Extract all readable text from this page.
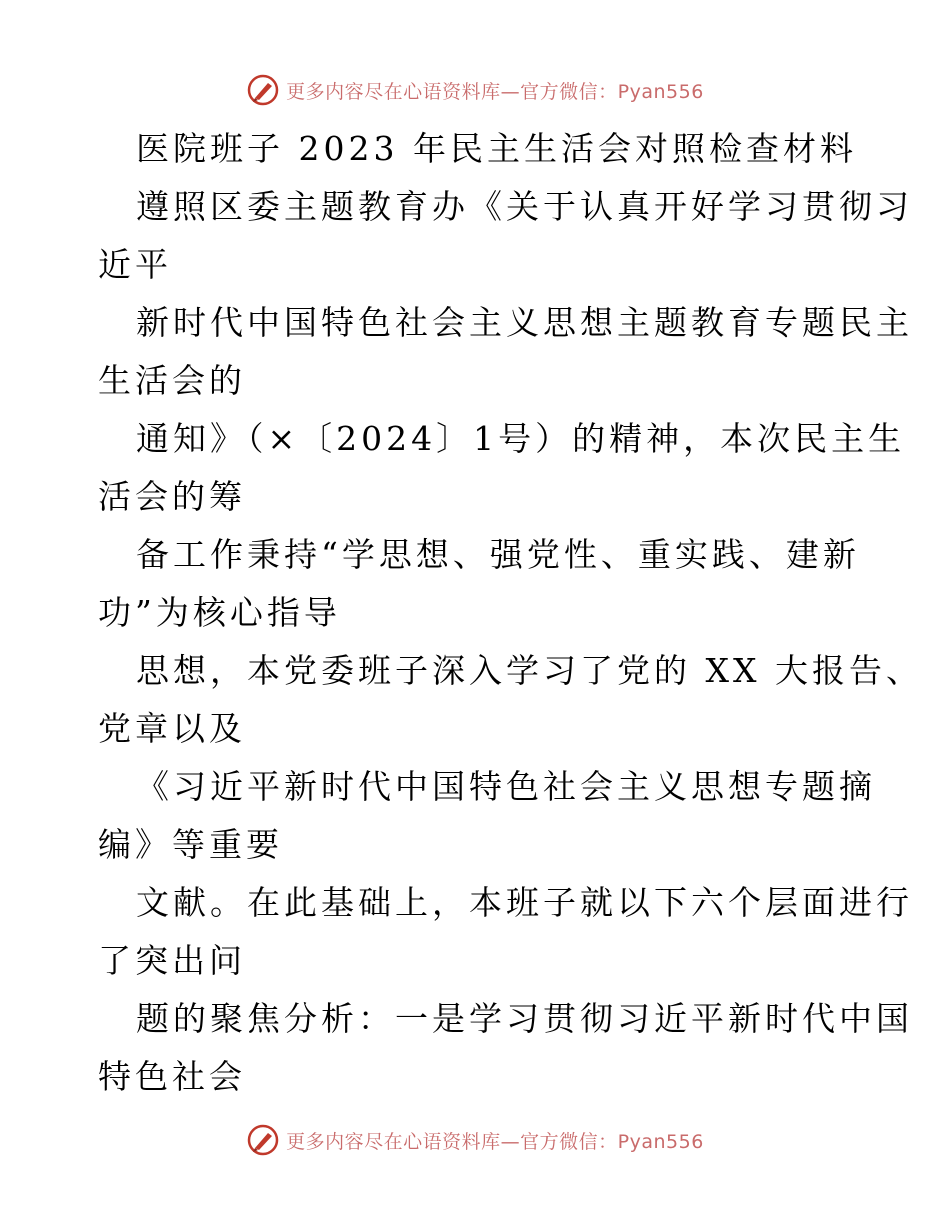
更多内容尽在心语资料库—官方微信：Pyan556
医院班子 2023 年民主生活会对照检查材料
遵照区委主题教育办《关于认真开好学习贯彻习
近平
新时代中国特色社会主义思想主题教育专题民主
生活会的
通知》（×〔2024〕1号）的精神，本次民主生
活会的筹
备工作秉持“学思想、强党性、重实践、建新
功”为核心指导
思想，本党委班子深入学习了党的 XX 大报告、
党章以及
《习近平新时代中国特色社会主义思想专题摘
编》等重要
文献。在此基础上，本班子就以下六个层面进行
了突出问
题的聚焦分析：一是学习贯彻习近平新时代中国
特色社会
更多内容尽在心语资料库—官方微信：Pyan556
